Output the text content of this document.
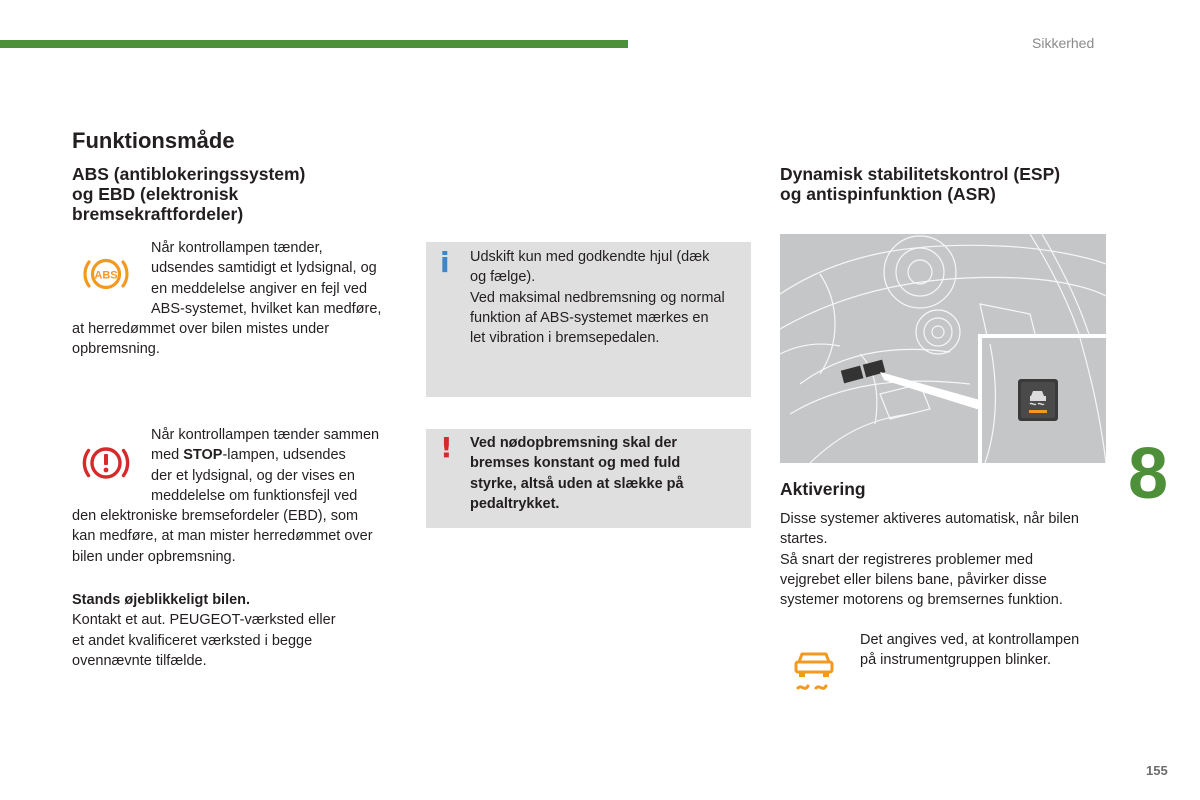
Sikkerhed
Funktionsmåde
ABS (antiblokeringssystem)
og EBD (elektronisk
bremsekraftfordeler)
ABS
Når kontrollampen tænder,
udsendes samtidigt et lydsignal, og
en meddelelse angiver en fejl ved
ABS-systemet, hvilket kan medføre,
at herredømmet over bilen mistes under
opbremsning.
Når kontrollampen tænder sammen
med STOP-lampen, udsendes
der et lydsignal, og der vises en
meddelelse om funktionsfejl ved
den elektroniske bremsefordeler (EBD), som
kan medføre, at man mister herredømmet over
bilen under opbremsning.
Stands øjeblikkeligt bilen.
Kontakt et aut. PEUGEOT-værksted eller
et andet kvalificeret værksted i begge
ovennævnte tilfælde.
i Udskift kun med godkendte hjul (dæk
og fælge).
Ved maksimal nedbremsning og normal
funktion af ABS-systemet mærkes en
let vibration i bremsepedalen.
! Ved nødopbremsning skal der
bremses konstant og med fuld
styrke, altså uden at slække på
pedaltrykket.
Dynamisk stabilitetskontrol (ESP)
og antispinfunktion (ASR)
Aktivering
Disse systemer aktiveres automatisk, når bilen
startes.
Så snart der registreres problemer med
vejgrebet eller bilens bane, påvirker disse
systemer motorens og bremsernes funktion.
Det angives ved, at kontrollampen
på instrumentgruppen blinker.
8
155
